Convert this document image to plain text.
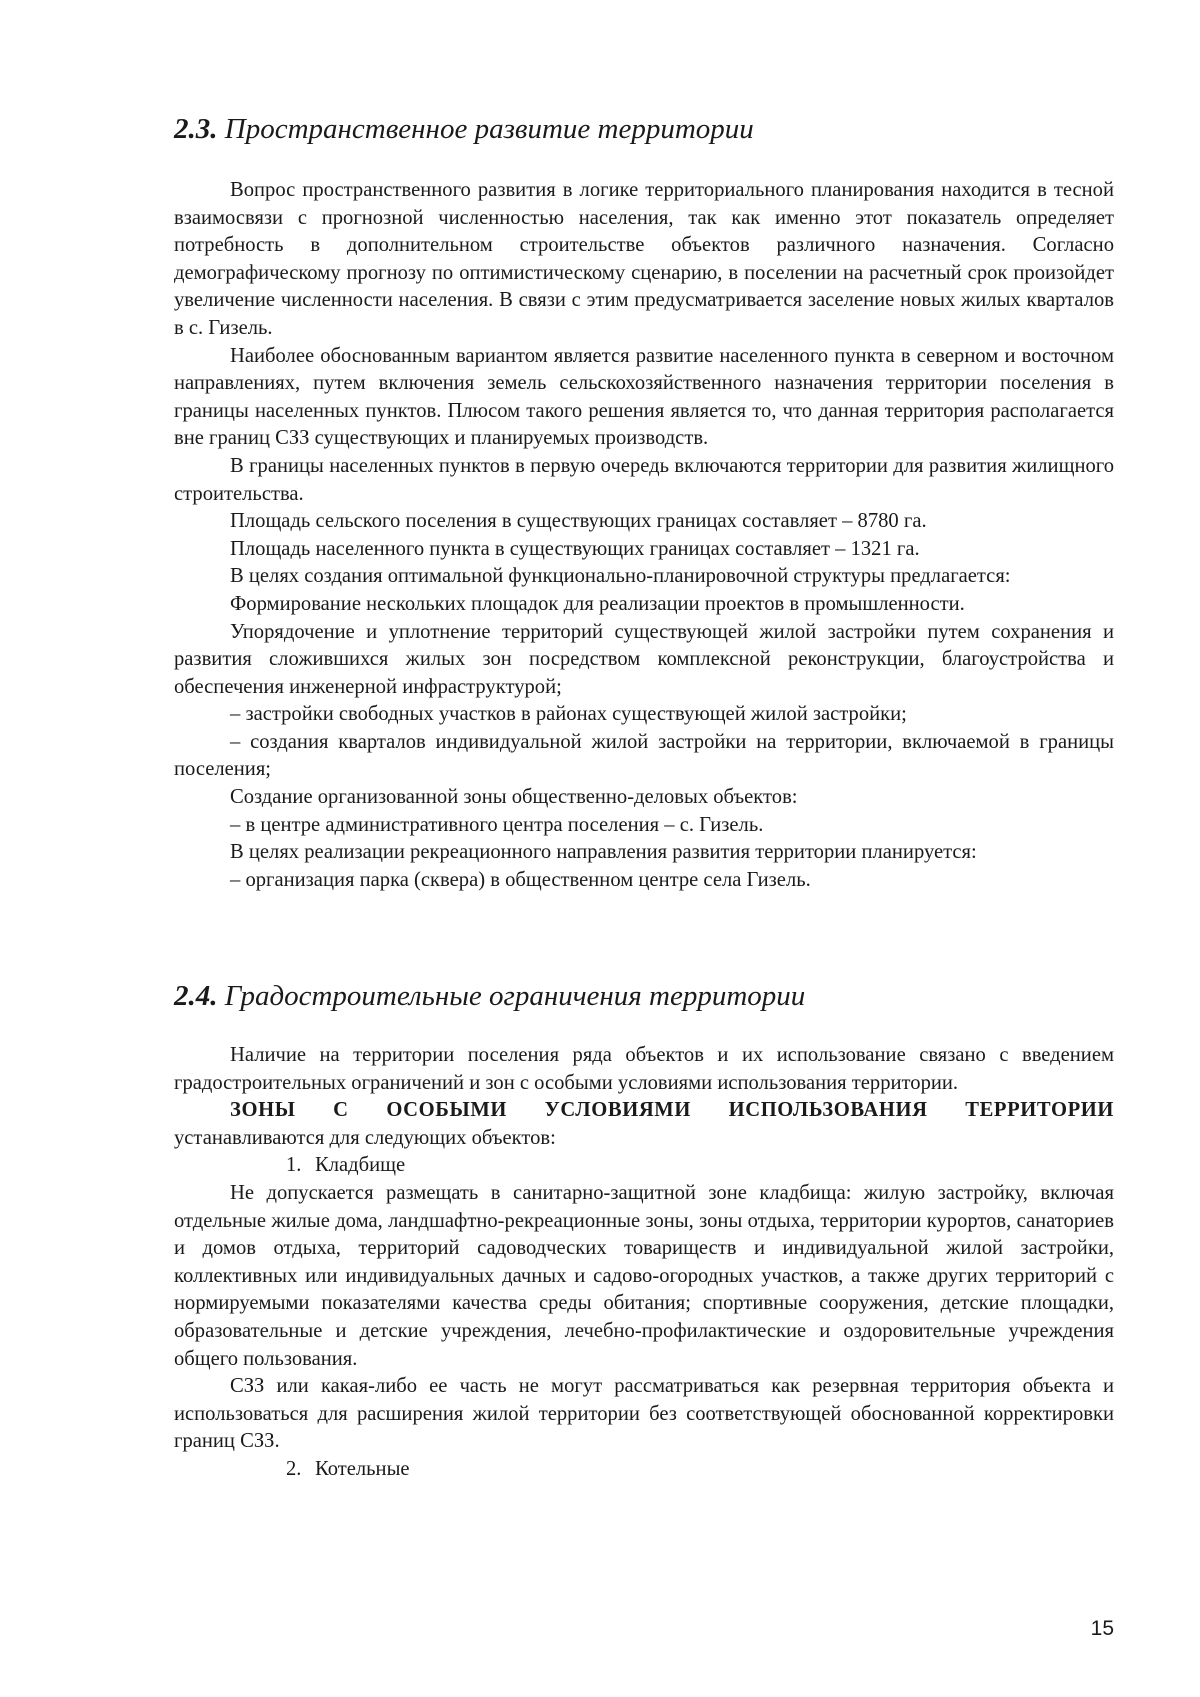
2.3. Пространственное развитие территории

Вопрос пространственного развития в логике территориального планирования находится в тесной взаимосвязи с прогнозной численностью населения, так как именно этот показатель определяет потребность в дополнительном строительстве объектов различного назначения. Согласно демографическому прогнозу по оптимистическому сценарию, в поселении на расчетный срок произойдет увеличение численности населения. В связи с этим предусматривается заселение новых жилых кварталов в с. Гизель.

Наиболее обоснованным вариантом является развитие населенного пункта в северном и восточном направлениях, путем включения земель сельскохозяйственного назначения территории поселения в границы населенных пунктов. Плюсом такого решения является то, что данная территория располагается вне границ СЗЗ существующих и планируемых производств.

В границы населенных пунктов в первую очередь включаются территории для развития жилищного строительства.

Площадь сельского поселения в существующих границах составляет – 8780 га.

Площадь населенного пункта в существующих границах составляет – 1321 га.

В целях создания оптимальной функционально-планировочной структуры предлагается:

Формирование нескольких площадок для реализации проектов в промышленности.

Упорядочение и уплотнение территорий существующей жилой застройки путем сохранения и развития сложившихся жилых зон посредством комплексной реконструкции, благоустройства и обеспечения инженерной инфраструктурой;

– застройки свободных участков в районах существующей жилой застройки;

– создания кварталов индивидуальной жилой застройки на территории, включаемой в границы поселения;

Создание организованной зоны общественно-деловых объектов:

– в центре административного центра поселения – с. Гизель.

В целях реализации рекреационного направления развития территории планируется:

– организация парка (сквера) в общественном центре села Гизель.

2.4. Градостроительные ограничения территории

Наличие на территории поселения ряда объектов и их использование связано с введением градостроительных ограничений и зон с особыми условиями использования территории.

ЗОНЫ С ОСОБЫМИ УСЛОВИЯМИ ИСПОЛЬЗОВАНИЯ ТЕРРИТОРИИ

устанавливаются для следующих объектов:

1. Кладбище

Не допускается размещать в санитарно-защитной зоне кладбища: жилую застройку, включая отдельные жилые дома, ландшафтно-рекреационные зоны, зоны отдыха, территории курортов, санаториев и домов отдыха, территорий садоводческих товариществ и индивидуальной жилой застройки, коллективных или индивидуальных дачных и садово-огородных участков, а также других территорий с нормируемыми показателями качества среды обитания; спортивные сооружения, детские площадки, образовательные и детские учреждения, лечебно-профилактические и оздоровительные учреждения общего пользования.

СЗЗ или какая-либо ее часть не могут рассматриваться как резервная территория объекта и использоваться для расширения жилой территории без соответствующей обоснованной корректировки границ СЗЗ.

2. Котельные

15
